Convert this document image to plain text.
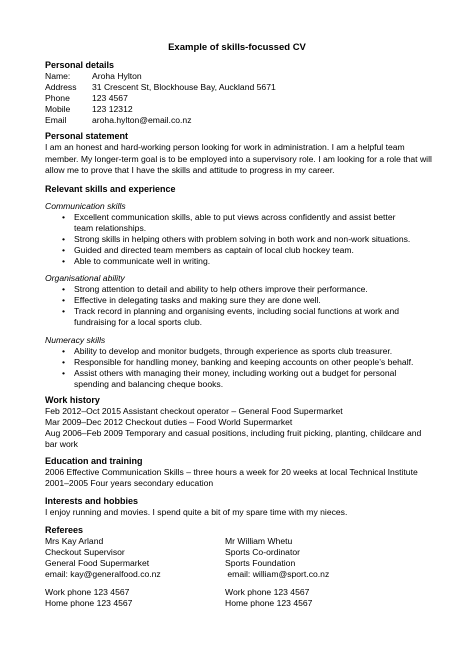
Example of skills-focussed CV
Personal details
Name:	Aroha Hylton
Address 31 Crescent St, Blockhouse Bay, Auckland 5671
Phone	123 4567
Mobile	123 12312
Email	aroha.hylton@email.co.nz
Personal statement
I am an honest and hard-working person looking for work in administration. I am a helpful team member. My longer-term goal is to be employed into a supervisory role. I am looking for a role that will allow me to prove that I have the skills and attitude to progress in my career.
Relevant skills and experience
Communication skills
• Excellent communication skills, able to put views across confidently and assist better team relationships.
• Strong skills in helping others with problem solving in both work and non-work situations.
• Guided and directed team members as captain of local club hockey team.
• Able to communicate well in writing.
Organisational ability
• Strong attention to detail and ability to help others improve their performance.
• Effective in delegating tasks and making sure they are done well.
• Track record in planning and organising events, including social functions at work and fundraising for a local sports club.
Numeracy skills
• Ability to develop and monitor budgets, through experience as sports club treasurer.
• Responsible for handling money, banking and keeping accounts on other people’s behalf.
• Assist others with managing their money, including working out a budget for personal spending and balancing cheque books.
Work history
Feb 2012–Oct 2015 Assistant checkout operator – General Food Supermarket
Mar 2009–Dec 2012 Checkout duties – Food World Supermarket
Aug 2006–Feb 2009 Temporary and casual positions, including fruit picking, planting, childcare and bar work
Education and training
2006 Effective Communication Skills – three hours a week for 20 weeks at local Technical Institute
2001–2005 Four years secondary education
Interests and hobbies
I enjoy running and movies. I spend quite a bit of my spare time with my nieces.
Referees
Mrs Kay Arland
Checkout Supervisor
General Food Supermarket
email: kay@generalfood.co.nz
Work phone 123 4567
Home phone 123 4567
Mr William Whetu
Sports Co-ordinator
Sports Foundation
email: william@sport.co.nz
Work phone 123 4567
Home phone 123 4567
